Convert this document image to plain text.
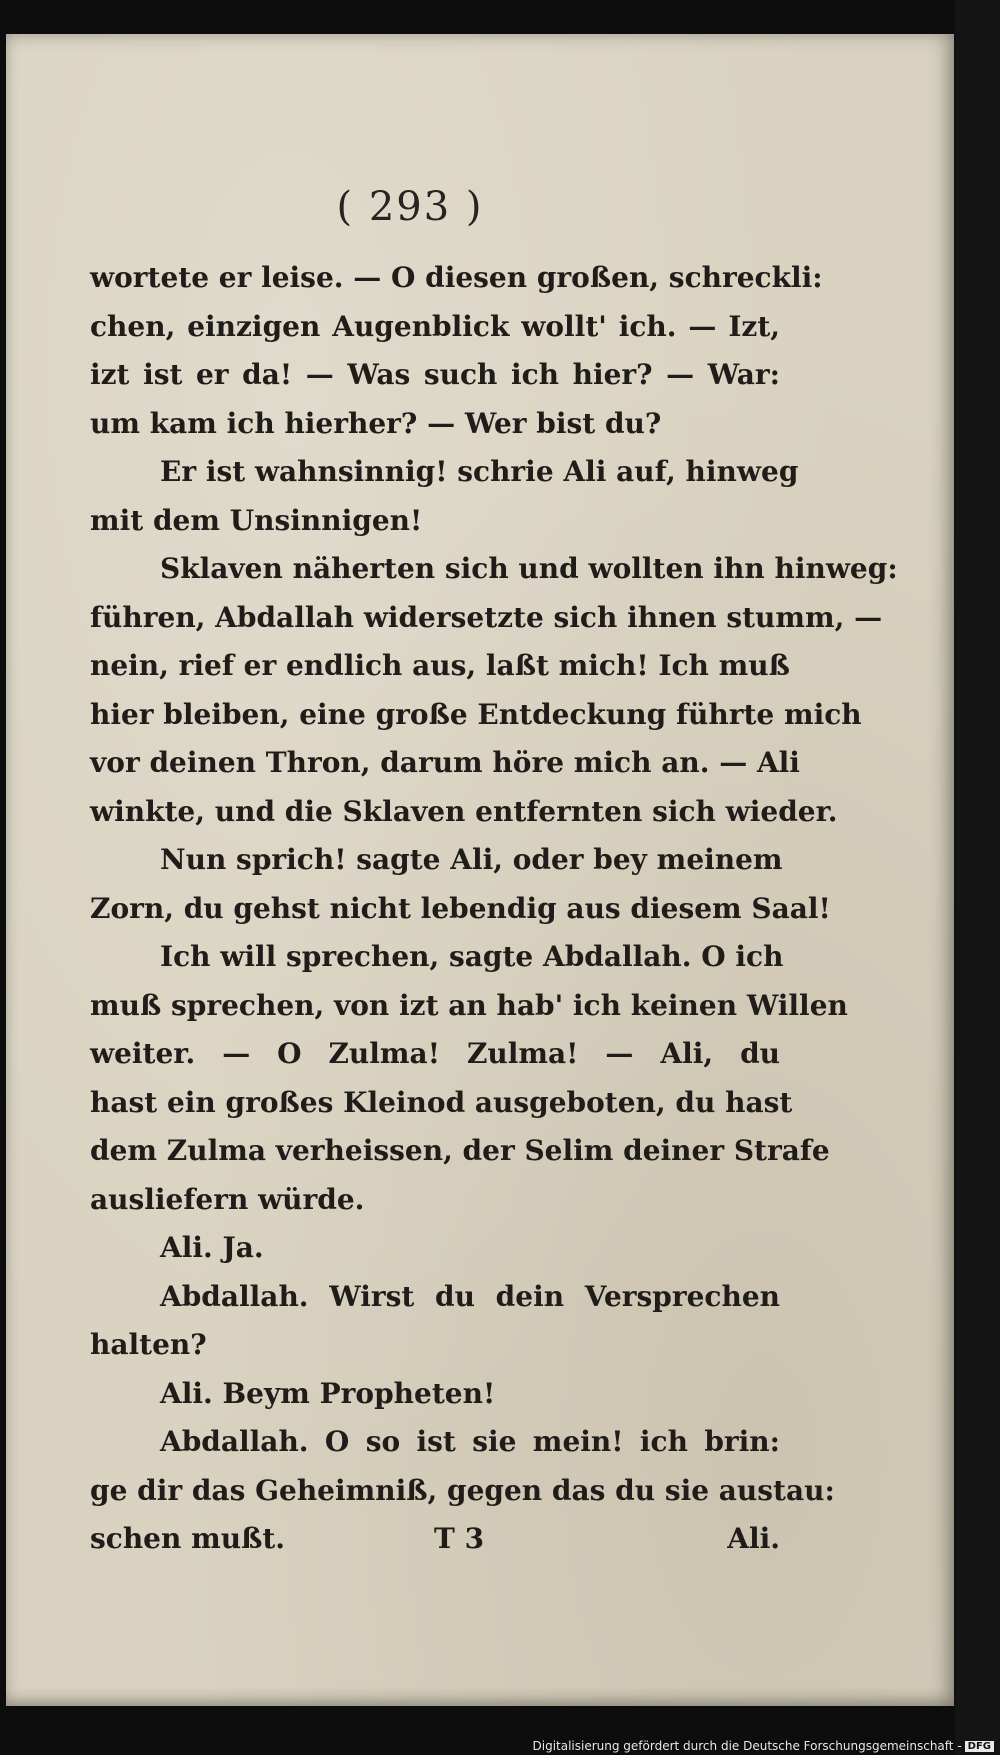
( 293 )

wortete er leise. — O diesen großen, schreckli:
chen, einzigen Augenblick wollt' ich. — Izt,
izt ist er da! — Was such ich hier? — War:
um kam ich hierher? — Wer bist du?
Er ist wahnsinnig! schrie Ali auf, hinweg
mit dem Unsinnigen!
Sklaven näherten sich und wollten ihn hinweg:
führen, Abdallah widersetzte sich ihnen stumm, —
nein, rief er endlich aus, laßt mich! Ich muß
hier bleiben, eine große Entdeckung führte mich
vor deinen Thron, darum höre mich an. — Ali
winkte, und die Sklaven entfernten sich wieder.
Nun sprich! sagte Ali, oder bey meinem
Zorn, du gehst nicht lebendig aus diesem Saal!
Ich will sprechen, sagte Abdallah. O ich
muß sprechen, von izt an hab' ich keinen Willen
weiter. — O Zulma! Zulma! — Ali, du
hast ein großes Kleinod ausgeboten, du hast
dem Zulma verheissen, der Selim deiner Strafe
ausliefern würde.
Ali. Ja.
Abdallah. Wirst du dein Versprechen
halten?
Ali. Beym Propheten!
Abdallah. O so ist sie mein! ich brin:
ge dir das Geheimniß, gegen das du sie austau:
schen mußt.	T 3	Ali.

Digitalisierung gefördert durch die Deutsche Forschungsgemeinschaft - DFG
